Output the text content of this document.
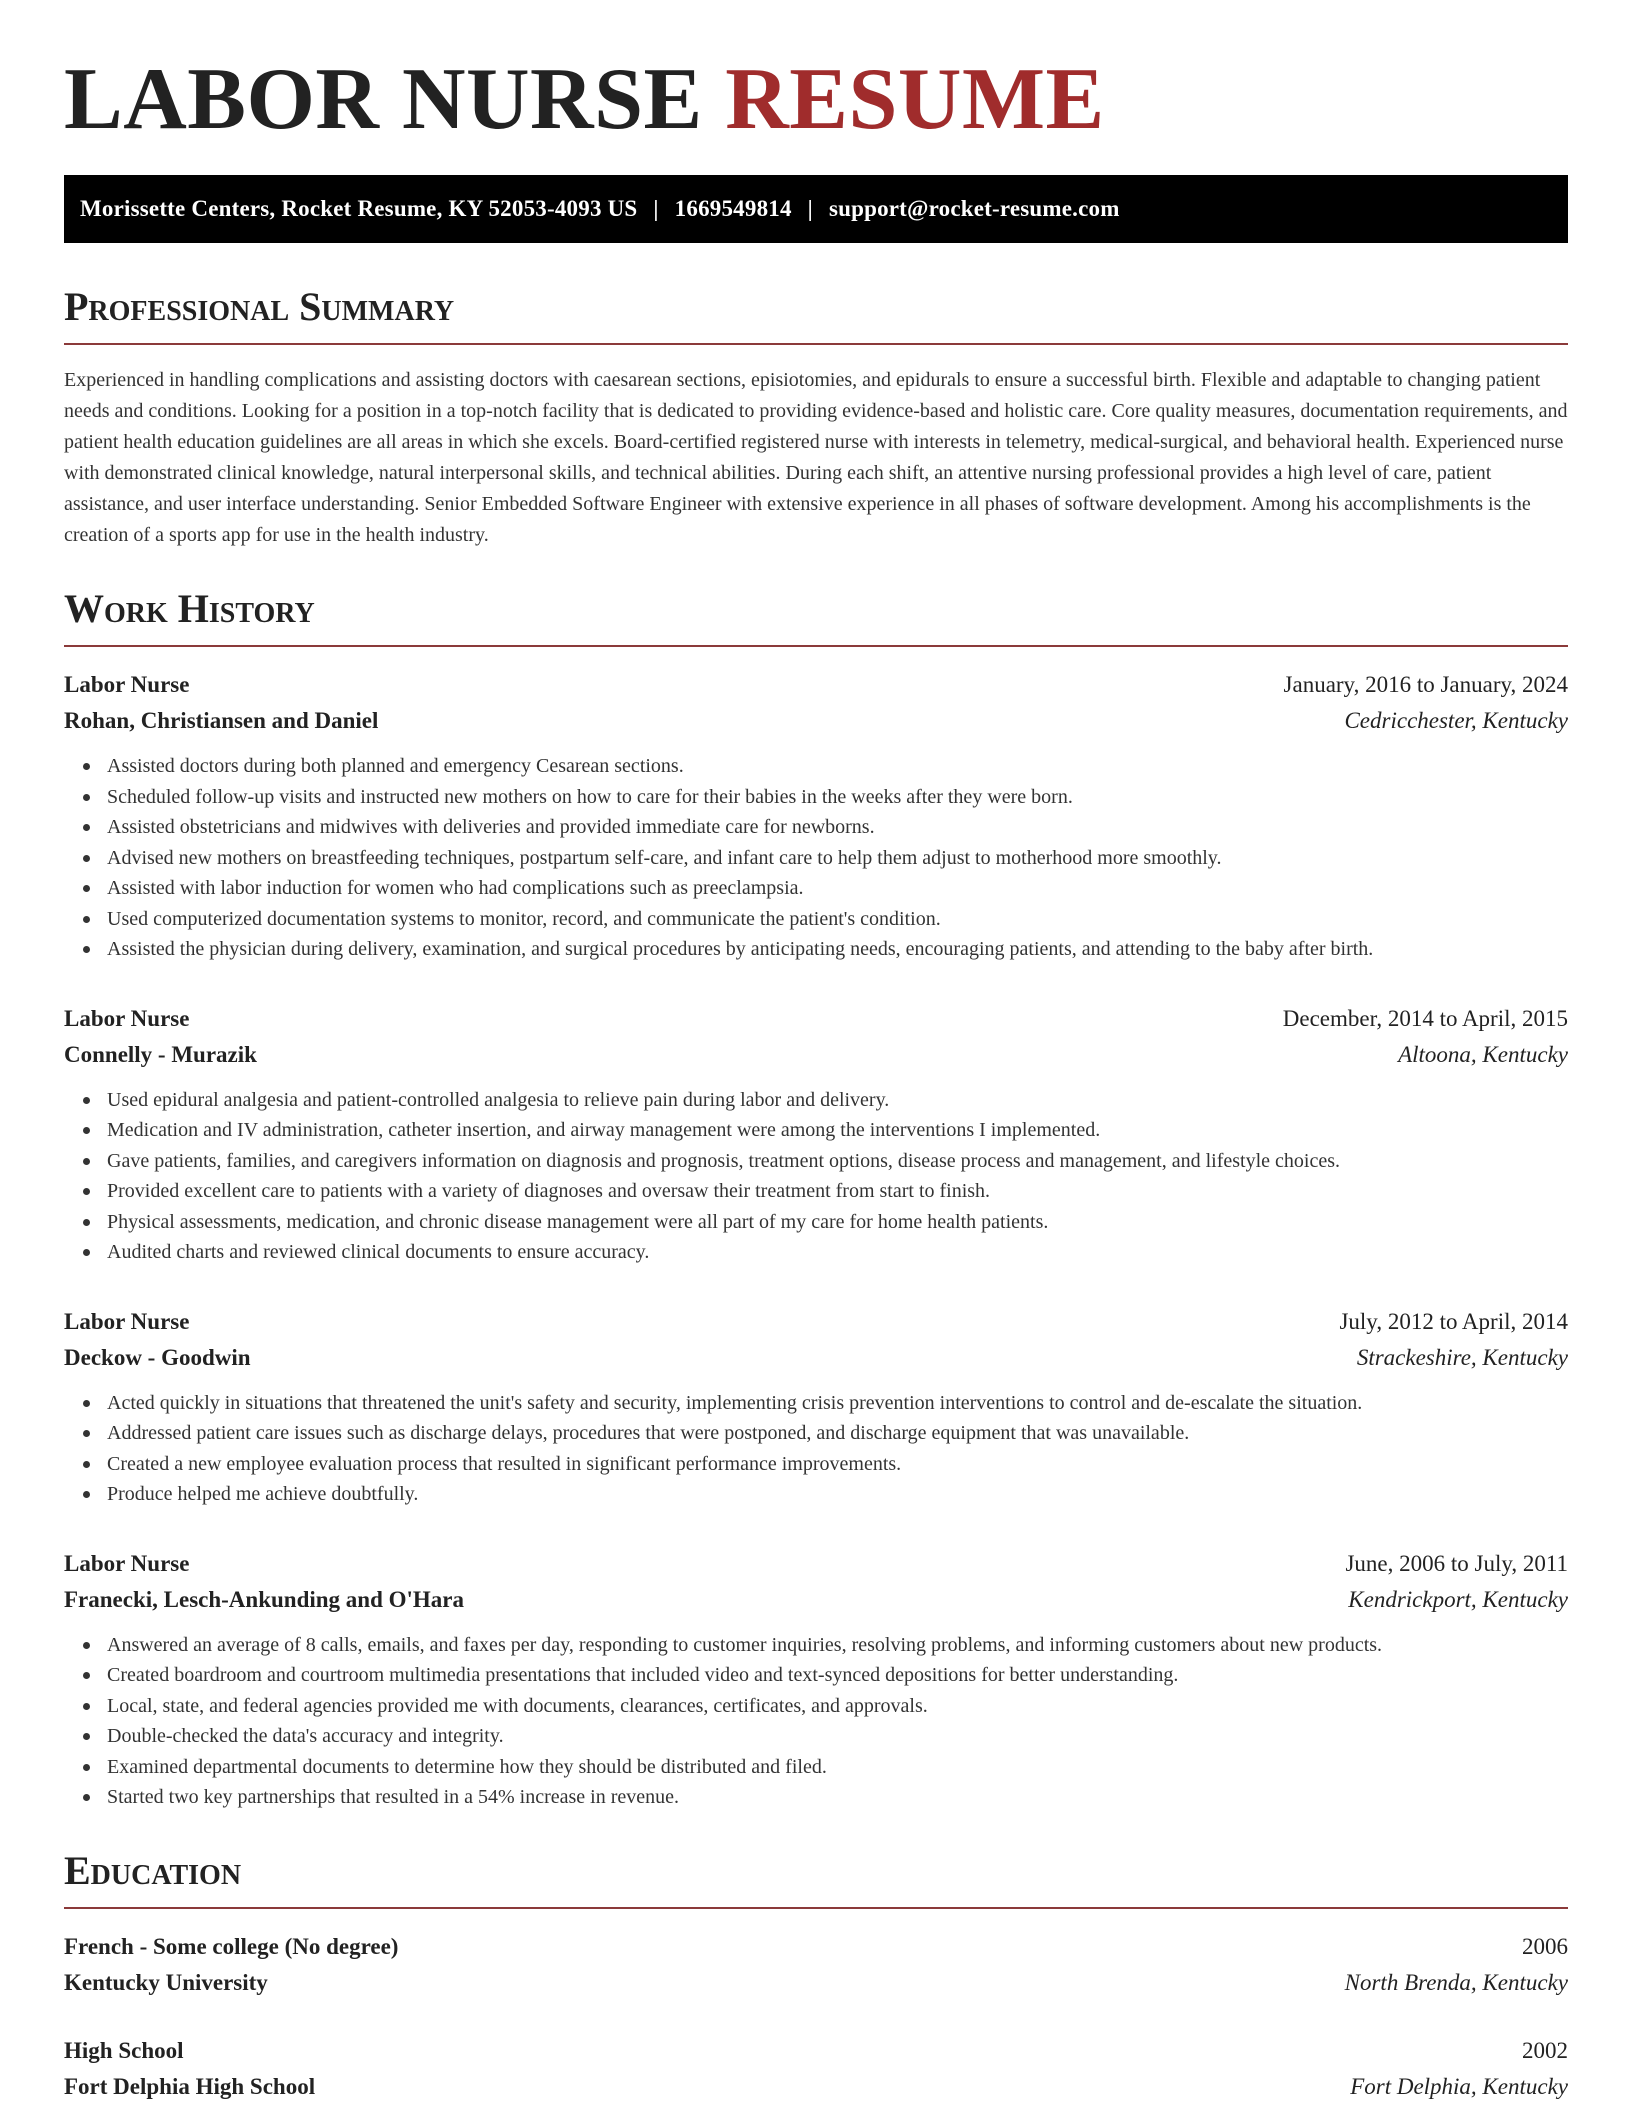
LABOR NURSE RESUME
Morissette Centers, Rocket Resume, KY 52053-4093 US | 1669549814 | support@rocket-resume.com
Professional Summary

Experienced in handling complications and assisting doctors with caesarean sections, episiotomies, and epidurals to ensure a successful birth. Flexible and adaptable to changing patient needs and conditions. Looking for a position in a top-notch facility that is dedicated to providing evidence-based and holistic care. Core quality measures, documentation requirements, and patient health education guidelines are all areas in which she excels. Board-certified registered nurse with interests in telemetry, medical-surgical, and behavioral health. Experienced nurse with demonstrated clinical knowledge, natural interpersonal skills, and technical abilities. During each shift, an attentive nursing professional provides a high level of care, patient assistance, and user interface understanding. Senior Embedded Software Engineer with extensive experience in all phases of software development. Among his accomplishments is the creation of a sports app for use in the health industry.

Work History
Labor Nurse	January, 2016 to January, 2024
Rohan, Christiansen and Daniel	Cedricchester, Kentucky
Assisted doctors during both planned and emergency Cesarean sections.
Scheduled follow-up visits and instructed new mothers on how to care for their babies in the weeks after they were born.
Assisted obstetricians and midwives with deliveries and provided immediate care for newborns.
Advised new mothers on breastfeeding techniques, postpartum self-care, and infant care to help them adjust to motherhood more smoothly.
Assisted with labor induction for women who had complications such as preeclampsia.
Used computerized documentation systems to monitor, record, and communicate the patient's condition.
Assisted the physician during delivery, examination, and surgical procedures by anticipating needs, encouraging patients, and attending to the baby after birth.
Labor Nurse	December, 2014 to April, 2015
Connelly - Murazik	Altoona, Kentucky
Used epidural analgesia and patient-controlled analgesia to relieve pain during labor and delivery.
Medication and IV administration, catheter insertion, and airway management were among the interventions I implemented.
Gave patients, families, and caregivers information on diagnosis and prognosis, treatment options, disease process and management, and lifestyle choices.
Provided excellent care to patients with a variety of diagnoses and oversaw their treatment from start to finish.
Physical assessments, medication, and chronic disease management were all part of my care for home health patients.
Audited charts and reviewed clinical documents to ensure accuracy.
Labor Nurse	July, 2012 to April, 2014
Deckow - Goodwin	Strackeshire, Kentucky
Acted quickly in situations that threatened the unit's safety and security, implementing crisis prevention interventions to control and de-escalate the situation.
Addressed patient care issues such as discharge delays, procedures that were postponed, and discharge equipment that was unavailable.
Created a new employee evaluation process that resulted in significant performance improvements.
Produce helped me achieve doubtfully.
Labor Nurse	June, 2006 to July, 2011
Franecki, Lesch-Ankunding and O'Hara	Kendrickport, Kentucky
Answered an average of 8 calls, emails, and faxes per day, responding to customer inquiries, resolving problems, and informing customers about new products.
Created boardroom and courtroom multimedia presentations that included video and text-synced depositions for better understanding.
Local, state, and federal agencies provided me with documents, clearances, certificates, and approvals.
Double-checked the data's accuracy and integrity.
Examined departmental documents to determine how they should be distributed and filed.
Started two key partnerships that resulted in a 54% increase in revenue.
Education
French - Some college (No degree)	2006
Kentucky University	North Brenda, Kentucky
High School	2002
Fort Delphia High School	Fort Delphia, Kentucky
